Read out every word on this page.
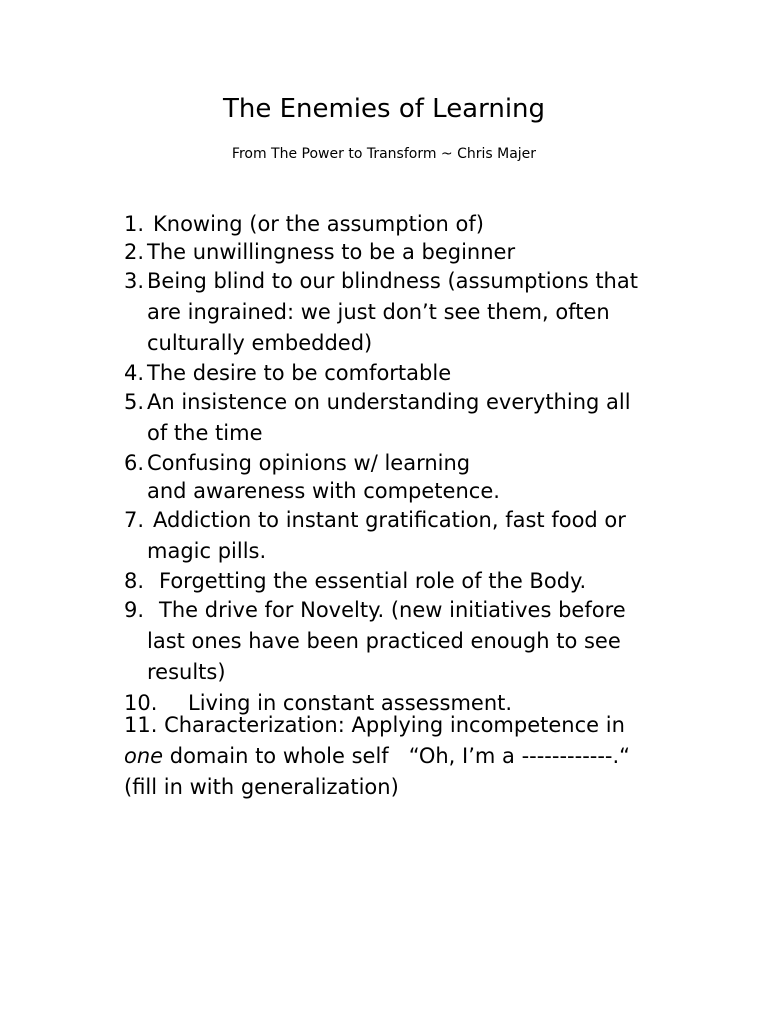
The Enemies of Learning

From The Power to Transform ~ Chris Majer

1. Knowing (or the assumption of)
2. The unwillingness to be a beginner
3. Being blind to our blindness (assumptions that
are ingrained: we just don’t see them, often
culturally embedded)
4. The desire to be comfortable
5. An insistence on understanding everything all
of the time
6. Confusing opinions w/ learning
and awareness with competence.
7. Addiction to instant gratification, fast food or
magic pills.
8. Forgetting the essential role of the Body.
9. The drive for Novelty. (new initiatives before
last ones have been practiced enough to see
results)
10. Living in constant assessment.
11. Characterization: Applying incompetence in
one domain to whole self   “Oh, I’m a ------------.“
(fill in with generalization)
